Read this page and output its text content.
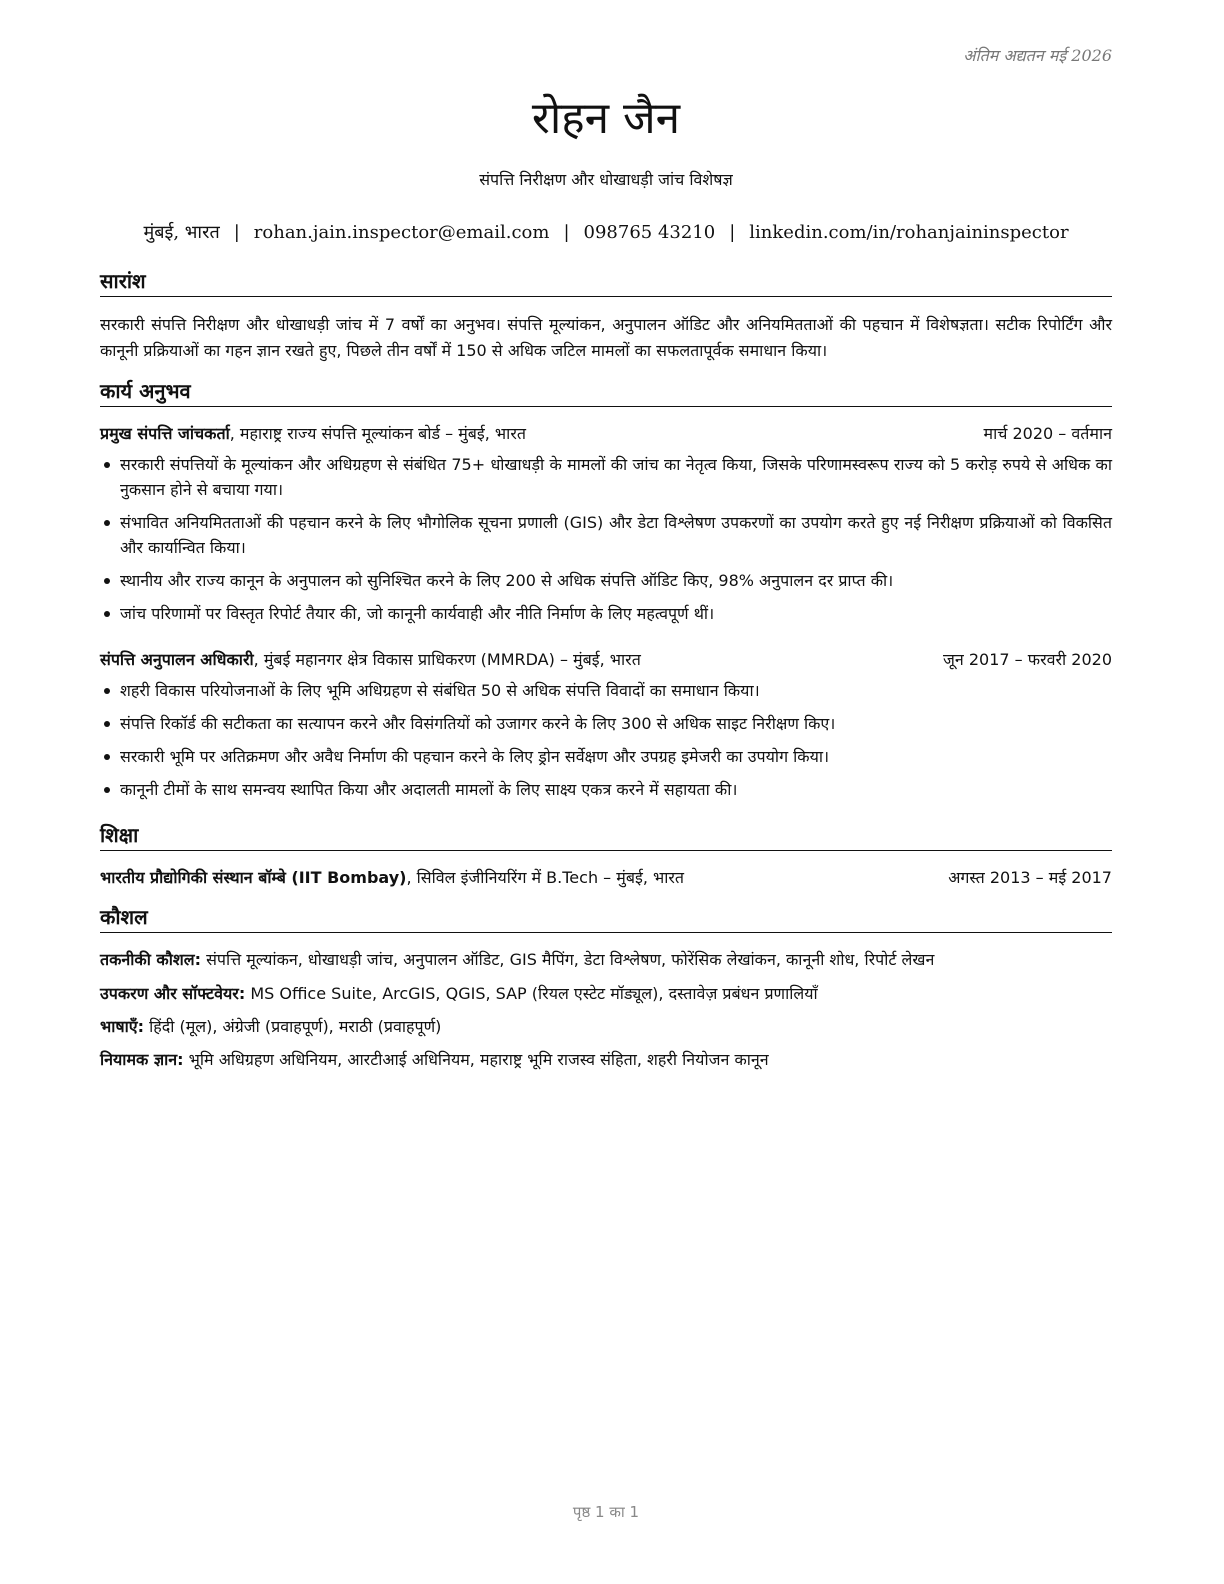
अंतिम अद्यतन मई 2026
रोहन जैन
संपत्ति निरीक्षण और धोखाधड़ी जांच विशेषज्ञ
मुंबई, भारत | rohan.jain.inspector@email.com | 098765 43210 | linkedin.com/in/rohanjaininspector
सारांश
सरकारी संपत्ति निरीक्षण और धोखाधड़ी जांच में 7 वर्षों का अनुभव। संपत्ति मूल्यांकन, अनुपालन ऑडिट और अनियमितताओं की पहचान में विशेषज्ञता। सटीक रिपोर्टिंग और कानूनी प्रक्रियाओं का गहन ज्ञान रखते हुए, पिछले तीन वर्षों में 150 से अधिक जटिल मामलों का सफलतापूर्वक समाधान किया।
कार्य अनुभव
प्रमुख संपत्ति जांचकर्ता, महाराष्ट्र राज्य संपत्ति मूल्यांकन बोर्ड – मुंबई, भारत	मार्च 2020 – वर्तमान
सरकारी संपत्तियों के मूल्यांकन और अधिग्रहण से संबंधित 75+ धोखाधड़ी के मामलों की जांच का नेतृत्व किया, जिसके परिणामस्वरूप राज्य को 5 करोड़ रुपये से अधिक का नुकसान होने से बचाया गया।
संभावित अनियमितताओं की पहचान करने के लिए भौगोलिक सूचना प्रणाली (GIS) और डेटा विश्लेषण उपकरणों का उपयोग करते हुए नई निरीक्षण प्रक्रियाओं को विकसित और कार्यान्वित किया।
स्थानीय और राज्य कानून के अनुपालन को सुनिश्चित करने के लिए 200 से अधिक संपत्ति ऑडिट किए, 98% अनुपालन दर प्राप्त की।
जांच परिणामों पर विस्तृत रिपोर्ट तैयार की, जो कानूनी कार्यवाही और नीति निर्माण के लिए महत्वपूर्ण थीं।
संपत्ति अनुपालन अधिकारी, मुंबई महानगर क्षेत्र विकास प्राधिकरण (MMRDA) – मुंबई, भारत	जून 2017 – फरवरी 2020
शहरी विकास परियोजनाओं के लिए भूमि अधिग्रहण से संबंधित 50 से अधिक संपत्ति विवादों का समाधान किया।
संपत्ति रिकॉर्ड की सटीकता का सत्यापन करने और विसंगतियों को उजागर करने के लिए 300 से अधिक साइट निरीक्षण किए।
सरकारी भूमि पर अतिक्रमण और अवैध निर्माण की पहचान करने के लिए ड्रोन सर्वेक्षण और उपग्रह इमेजरी का उपयोग किया।
कानूनी टीमों के साथ समन्वय स्थापित किया और अदालती मामलों के लिए साक्ष्य एकत्र करने में सहायता की।
शिक्षा
भारतीय प्रौद्योगिकी संस्थान बॉम्बे (IIT Bombay), सिविल इंजीनियरिंग में B.Tech – मुंबई, भारत	अगस्त 2013 – मई 2017
कौशल
तकनीकी कौशल: संपत्ति मूल्यांकन, धोखाधड़ी जांच, अनुपालन ऑडिट, GIS मैपिंग, डेटा विश्लेषण, फोरेंसिक लेखांकन, कानूनी शोध, रिपोर्ट लेखन
उपकरण और सॉफ्टवेयर: MS Office Suite, ArcGIS, QGIS, SAP (रियल एस्टेट मॉड्यूल), दस्तावेज़ प्रबंधन प्रणालियाँ
भाषाएँ: हिंदी (मूल), अंग्रेजी (प्रवाहपूर्ण), मराठी (प्रवाहपूर्ण)
नियामक ज्ञान: भूमि अधिग्रहण अधिनियम, आरटीआई अधिनियम, महाराष्ट्र भूमि राजस्व संहिता, शहरी नियोजन कानून
पृष्ठ 1 का 1
